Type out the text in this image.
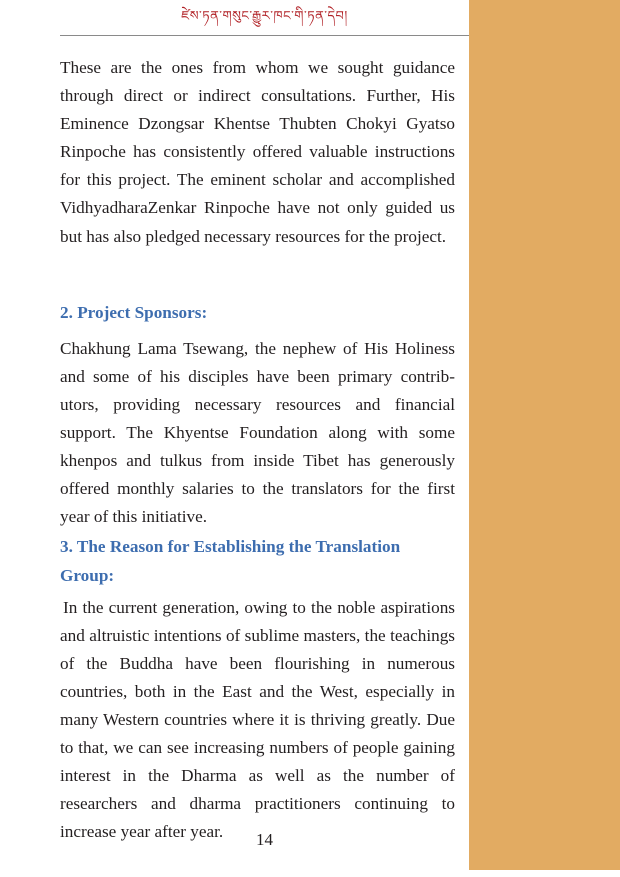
ཛེས་ཏན་གསུང་རྒྱུར་ཁང་གི་ཏན་དེབ།

These are the ones from whom we sought guidance through direct or indirect consultations. Further, His Eminence Dzongsar Khentse Thubten Chokyi Gyatso Rinpoche has consistently offered valuable instructions for this project. The eminent scholar and accomplished VidhyadharaZenkar Rinpoche have not only guided us but has also pledged necessary resources for the project.

2. Project Sponsors:

Chakhung Lama Tsewang, the nephew of His Holiness and some of his disciples have been primary contributors, providing necessary resources and financial support. The Khyentse Foundation along with some khenpos and tulkus from inside Tibet has generously offered monthly salaries to the translators for the first year of this initiative.

3. The Reason for Establishing the Translation Group:

In the current generation, owing to the noble aspirations and altruistic intentions of sublime masters, the teachings of the Buddha have been flourishing in numerous countries, both in the East and the West, especially in many Western countries where it is thriving greatly. Due to that, we can see increasing numbers of people gaining interest in the Dharma as well as the number of researchers and dharma practitioners continuing to increase year after year.	14
